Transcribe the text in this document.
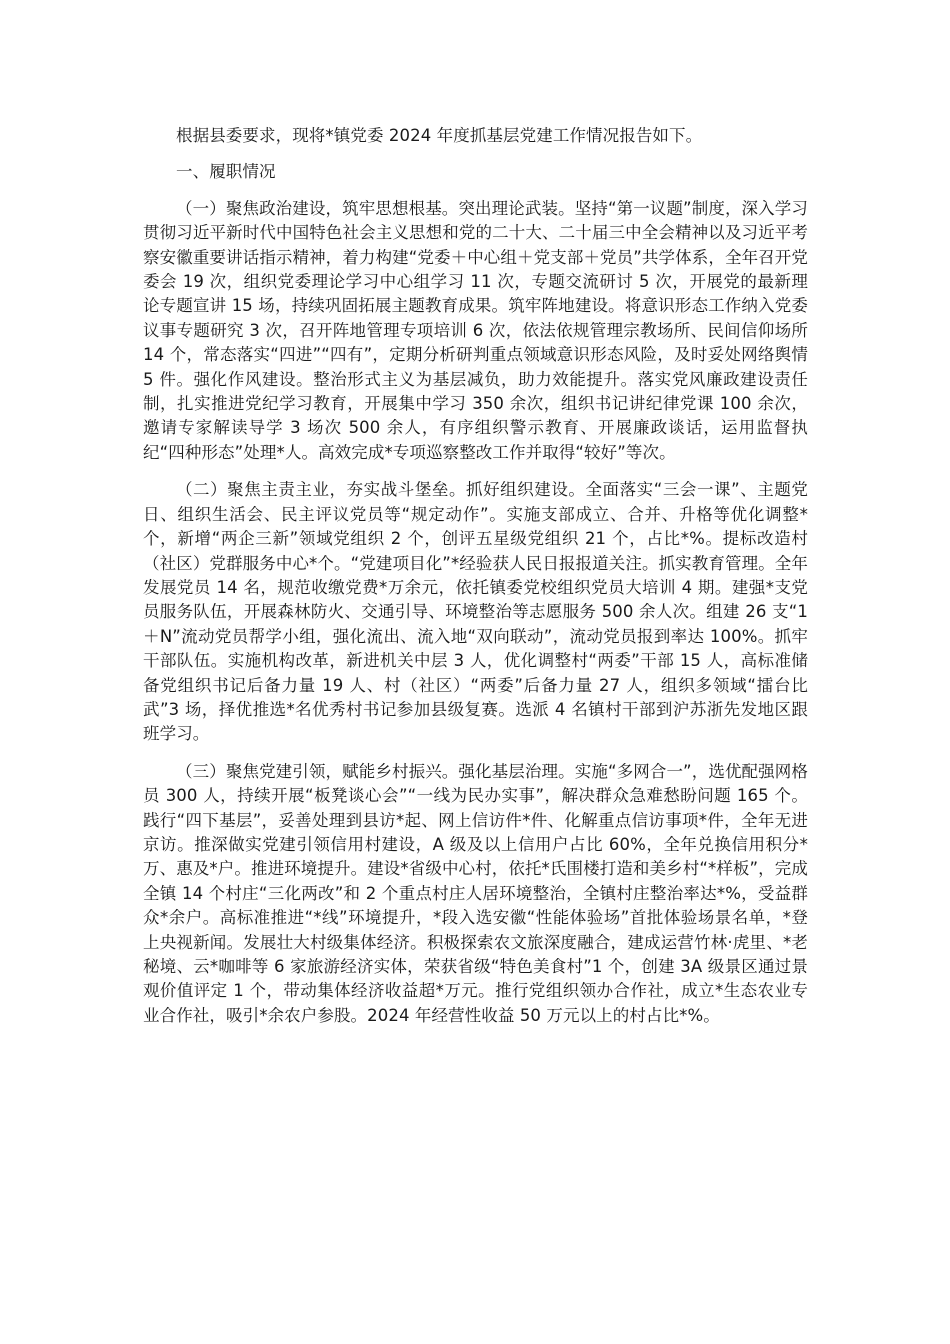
根据县委要求，现将*镇党委 2024 年度抓基层党建工作情况报告如下。

一、履职情况

（一）聚焦政治建设，筑牢思想根基。突出理论武装。坚持“第一议题”制度，深入学习贯彻习近平新时代中国特色社会主义思想和党的二十大、二十届三中全会精神以及习近平考察安徽重要讲话指示精神，着力构建“党委＋中心组＋党支部＋党员”共学体系，全年召开党委会 19 次，组织党委理论学习中心组学习 11 次，专题交流研讨 5 次，开展党的最新理论专题宣讲 15 场，持续巩固拓展主题教育成果。筑牢阵地建设。将意识形态工作纳入党委议事专题研究 3 次，召开阵地管理专项培训 6 次，依法依规管理宗教场所、民间信仰场所 14 个，常态落实“四进”“四有”，定期分析研判重点领域意识形态风险，及时妥处网络舆情 5 件。强化作风建设。整治形式主义为基层减负，助力效能提升。落实党风廉政建设责任制，扎实推进党纪学习教育，开展集中学习 350 余次，组织书记讲纪律党课 100 余次，邀请专家解读导学 3 场次 500 余人，有序组织警示教育、开展廉政谈话，运用监督执纪“四种形态”处理*人。高效完成*专项巡察整改工作并取得“较好”等次。

（二）聚焦主责主业，夯实战斗堡垒。抓好组织建设。全面落实“三会一课”、主题党日、组织生活会、民主评议党员等“规定动作”。实施支部成立、合并、升格等优化调整*个，新增“两企三新”领域党组织 2 个，创评五星级党组织 21 个，占比*%。提标改造村（社区）党群服务中心*个。“党建项目化”*经验获人民日报报道关注。抓实教育管理。全年发展党员 14 名，规范收缴党费*万余元，依托镇委党校组织党员大培训 4 期。建强*支党员服务队伍，开展森林防火、交通引导、环境整治等志愿服务 500 余人次。组建 26 支“1＋N”流动党员帮学小组，强化流出、流入地“双向联动”，流动党员报到率达 100%。抓牢干部队伍。实施机构改革，新进机关中层 3 人，优化调整村“两委”干部 15 人，高标准储备党组织书记后备力量 19 人、村（社区）“两委”后备力量 27 人，组织多领域“擂台比武”3 场，择优推选*名优秀村书记参加县级复赛。选派 4 名镇村干部到沪苏浙先发地区跟班学习。

（三）聚焦党建引领，赋能乡村振兴。强化基层治理。实施“多网合一”，选优配强网格员 300 人，持续开展“板凳谈心会”“一线为民办实事”，解决群众急难愁盼问题 165 个。践行“四下基层”，妥善处理到县访*起、网上信访件*件、化解重点信访事项*件，全年无进京访。推深做实党建引领信用村建设，A 级及以上信用户占比 60%，全年兑换信用积分*万、惠及*户。推进环境提升。建设*省级中心村，依托*氏围楼打造和美乡村“*样板”，完成全镇 14 个村庄“三化两改”和 2 个重点村庄人居环境整治，全镇村庄整治率达*%，受益群众*余户。高标准推进“*线”环境提升，*段入选安徽“性能体验场”首批体验场景名单，*登上央视新闻。发展壮大村级集体经济。积极探索农文旅深度融合，建成运营竹林·虎里、*老秘境、云*咖啡等 6 家旅游经济实体，荣获省级“特色美食村”1 个，创建 3A 级景区通过景观价值评定 1 个，带动集体经济收益超*万元。推行党组织领办合作社，成立*生态农业专业合作社，吸引*余农户参股。2024 年经营性收益 50 万元以上的村占比*%。
